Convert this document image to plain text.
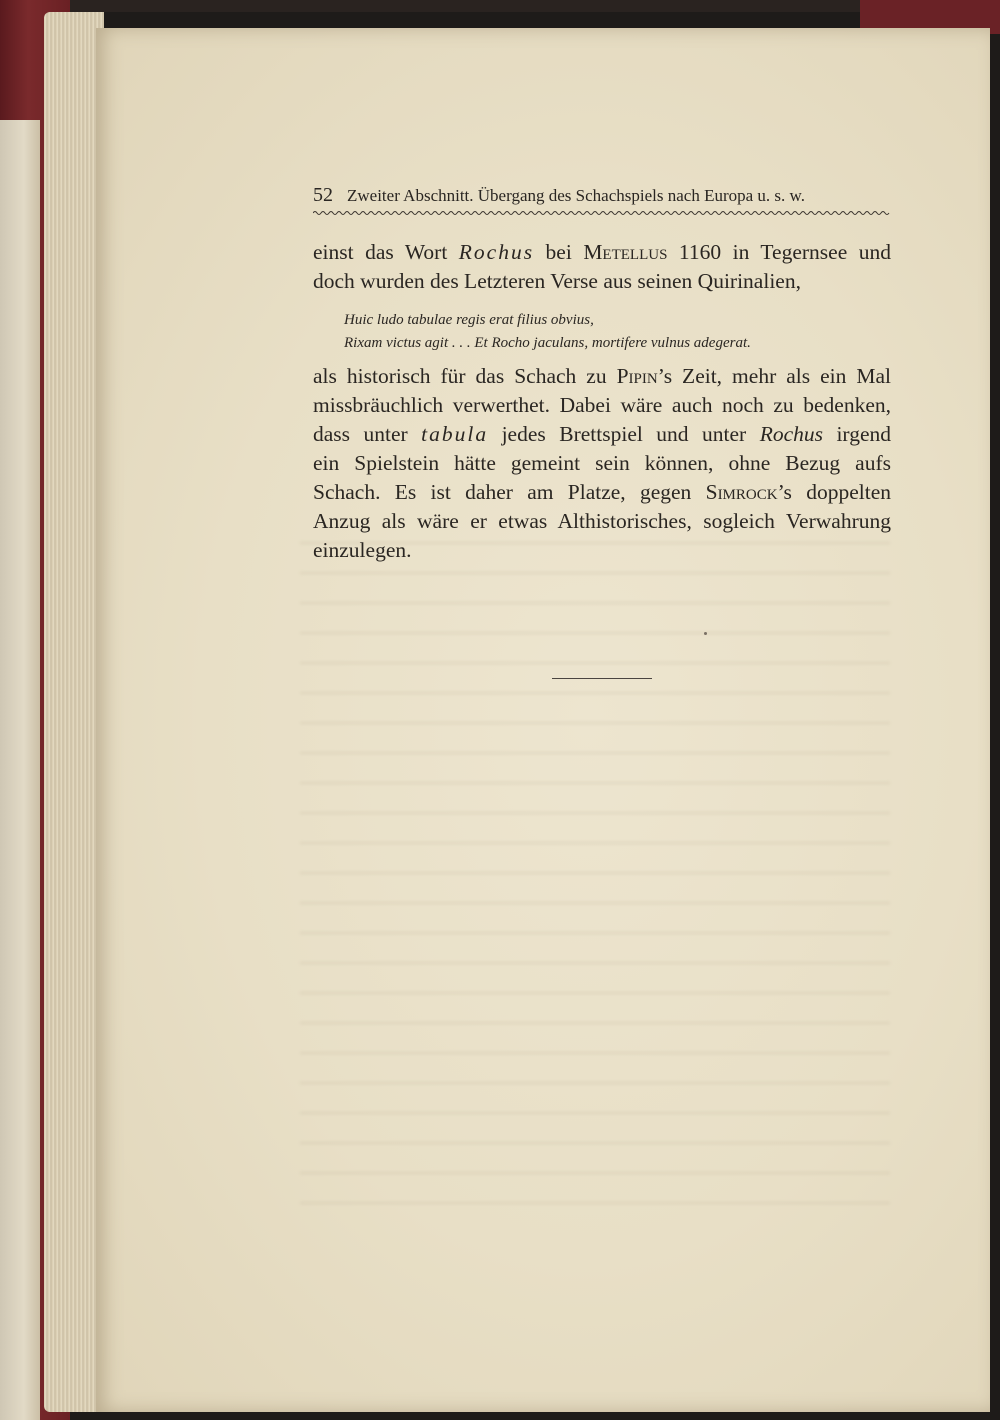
52 Zweiter Abschnitt. Übergang des Schachspiels nach Europa u. s. w.
einst das Wort Rochus bei Metellus 1160 in Tegernsee und
doch wurden des Letzteren Verse aus seinen Quirinalien,
Huic ludo tabulae regis erat filius obvius,
Rixam victus agit . . . Et Rocho jaculans, mortifere vulnus adegerat.
als historisch für das Schach zu Pipin’s Zeit, mehr als ein Mal
missbräuchlich verwerthet. Dabei wäre auch noch zu bedenken,
dass unter tabula jedes Brettspiel und unter Rochus irgend
ein Spielstein hätte gemeint sein können, ohne Bezug aufs
Schach. Es ist daher am Platze, gegen Simrock’s doppelten
Anzug als wäre er etwas Althistorisches, sogleich Verwahrung
einzulegen.
